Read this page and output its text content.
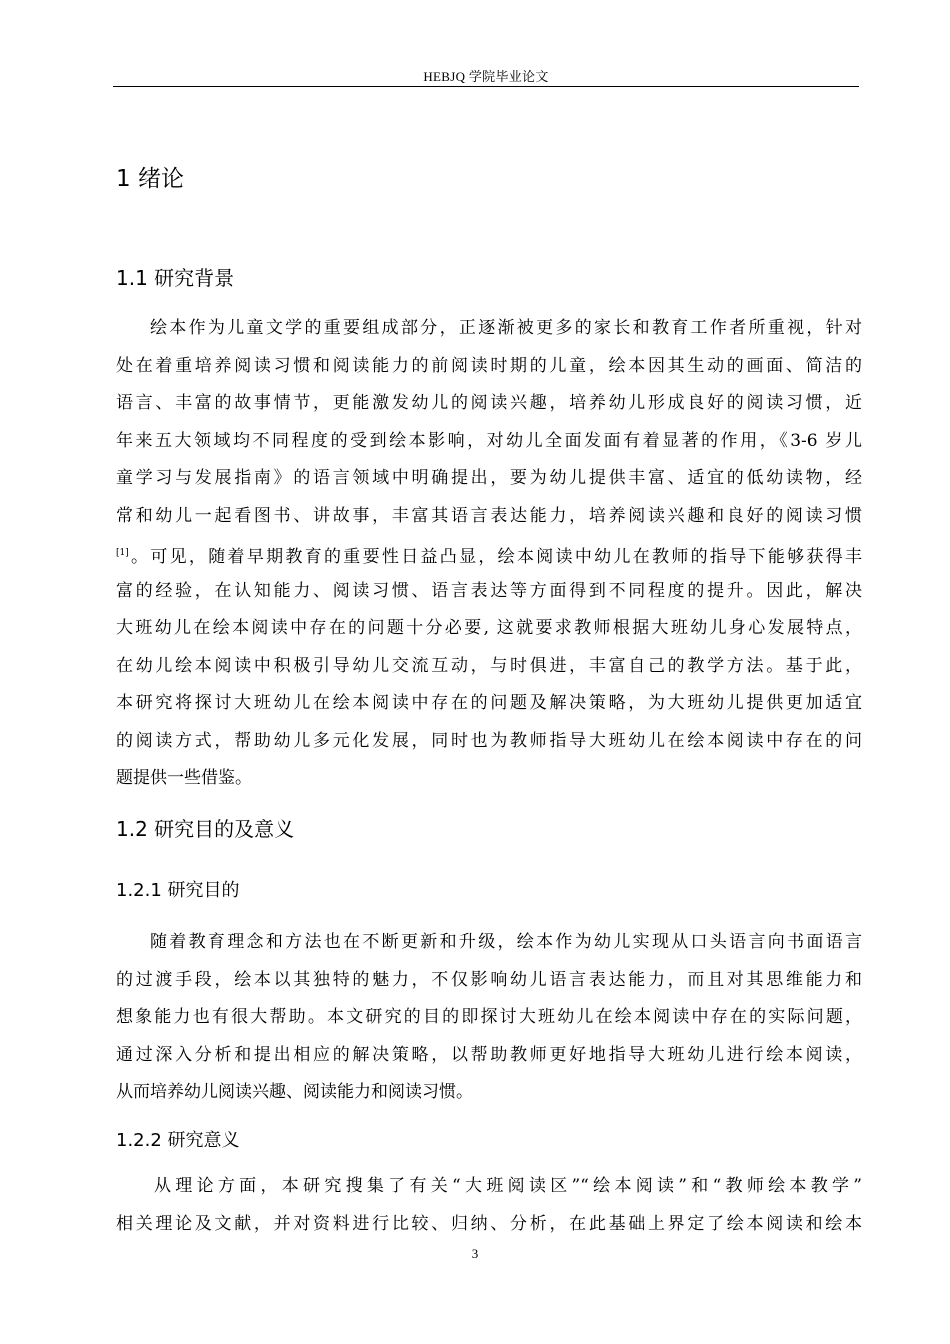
HEBJQ 学院毕业论文
1 绪论
1.1 研究背景
绘本作为儿童文学的重要组成部分，正逐渐被更多的家长和教育工作者所重视，针对
处在着重培养阅读习惯和阅读能力的前阅读时期的儿童，绘本因其生动的画面、简洁的
语言、丰富的故事情节，更能激发幼儿的阅读兴趣，培养幼儿形成良好的阅读习惯，近
年来五大领域均不同程度的受到绘本影响，对幼儿全面发面有着显著的作用，《3-6 岁儿
童学习与发展指南》的语言领域中明确提出，要为幼儿提供丰富、适宜的低幼读物，经
常和幼儿一起看图书、讲故事，丰富其语言表达能力，培养阅读兴趣和良好的阅读习惯
[1]。可见，随着早期教育的重要性日益凸显，绘本阅读中幼儿在教师的指导下能够获得丰
富的经验，在认知能力、阅读习惯、语言表达等方面得到不同程度的提升。因此，解决
大班幼儿在绘本阅读中存在的问题十分必要, 这就要求教师根据大班幼儿身心发展特点，
在幼儿绘本阅读中积极引导幼儿交流互动，与时俱进，丰富自己的教学方法。基于此，
本研究将探讨大班幼儿在绘本阅读中存在的问题及解决策略，为大班幼儿提供更加适宜
的阅读方式，帮助幼儿多元化发展，同时也为教师指导大班幼儿在绘本阅读中存在的问
题提供一些借鉴。
1.2 研究目的及意义
1.2.1 研究目的
随着教育理念和方法也在不断更新和升级，绘本作为幼儿实现从口头语言向书面语言
的过渡手段，绘本以其独特的魅力，不仅影响幼儿语言表达能力，而且对其思维能力和
想象能力也有很大帮助。本文研究的目的即探讨大班幼儿在绘本阅读中存在的实际问题，
通过深入分析和提出相应的解决策略，以帮助教师更好地指导大班幼儿进行绘本阅读，
从而培养幼儿阅读兴趣、阅读能力和阅读习惯。
1.2.2 研究意义
从理论方面，本研究搜集了有关“大班阅读区”“绘本阅读”和“教师绘本教学”
相关理论及文献，并对资料进行比较、归纳、分析，在此基础上界定了绘本阅读和绘本
3
